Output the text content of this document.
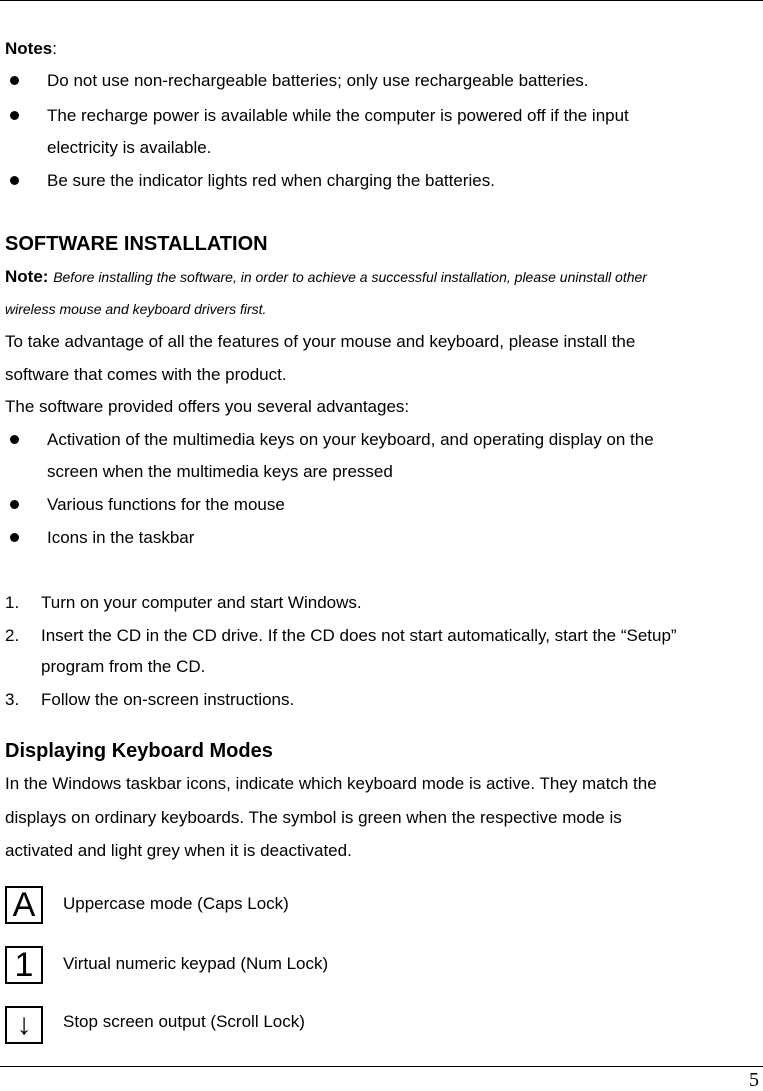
Notes:
Do not use non-rechargeable batteries; only use rechargeable batteries.
The recharge power is available while the computer is powered off if the input
electricity is available.
Be sure the indicator lights red when charging the batteries.
SOFTWARE INSTALLATION
Note: Before installing the software, in order to achieve a successful installation, please uninstall other
wireless mouse and keyboard drivers first.
To take advantage of all the features of your mouse and keyboard, please install the
software that comes with the product.
The software provided offers you several advantages:
Activation of the multimedia keys on your keyboard, and operating display on the
screen when the multimedia keys are pressed
Various functions for the mouse
Icons in the taskbar
1. Turn on your computer and start Windows.
2. Insert the CD in the CD drive. If the CD does not start automatically, start the “Setup”
program from the CD.
3. Follow the on-screen instructions.
Displaying Keyboard Modes
In the Windows taskbar icons, indicate which keyboard mode is active. They match the
displays on ordinary keyboards. The symbol is green when the respective mode is
activated and light grey when it is deactivated.
A	Uppercase mode (Caps Lock)
1	Virtual numeric keypad (Num Lock)
↓	Stop screen output (Scroll Lock)
5
